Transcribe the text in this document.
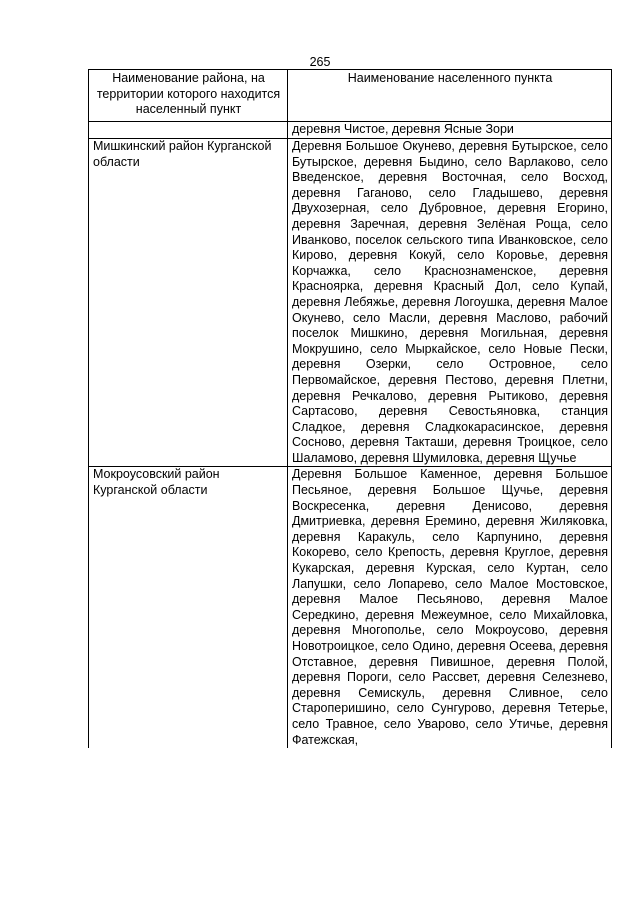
265
Наименование района, на территории которого находится населенный пункт	Наименование населенного пункта
	деревня Чистое, деревня Ясные Зори
Мишкинский район Курганской области	Деревня Большое Окунево, деревня Бутырское, село Бутырское, деревня Быдино, село Варлаково, село Введенское, деревня Восточная, село Восход, деревня Гаганово, село Гладышево, деревня Двухозерная, село Дубровное, деревня Егорино, деревня Заречная, деревня Зелёная Роща, село Иванково, поселок сельского типа Иванковское, село Кирово, деревня Кокуй, село Коровье, деревня Корчажка, село Краснознаменское, деревня Красноярка, деревня Красный Дол, село Купай, деревня Лебяжье, деревня Логоушка, деревня Малое Окунево, село Масли, деревня Маслово, рабочий поселок Мишкино, деревня Могильная, деревня Мокрушино, село Мыркайское, село Новые Пески, деревня Озерки, село Островное, село Первомайское, деревня Пестово, деревня Плетни, деревня Речкалово, деревня Рытиково, деревня Сартасово, деревня Севостьяновка, станция Сладкое, деревня Сладкокарасинское, деревня Сосново, деревня Такташи, деревня Троицкое, село Шаламово, деревня Шумиловка, деревня Щучье
Мокроусовский район Курганской области	Деревня Большое Каменное, деревня Большое Песьяное, деревня Большое Щучье, деревня Воскресенка, деревня Денисово, деревня Дмитриевка, деревня Еремино, деревня Жиляковка, деревня Каракуль, село Карпунино, деревня Кокорево, село Крепость, деревня Круглое, деревня Кукарская, деревня Курская, село Куртан, село Лапушки, село Лопарево, село Малое Мостовское, деревня Малое Песьяново, деревня Малое Середкино, деревня Межеумное, село Михайловка, деревня Многополье, село Мокроусово, деревня Новотроицкое, село Одино, деревня Осеева, деревня Отставное, деревня Пивишное, деревня Полой, деревня Пороги, село Рассвет, деревня Селезнево, деревня Семискуль, деревня Сливное, село Староперишино, село Сунгурово, деревня Тетерье, село Травное, село Уварово, село Утичье, деревня Фатежская,
